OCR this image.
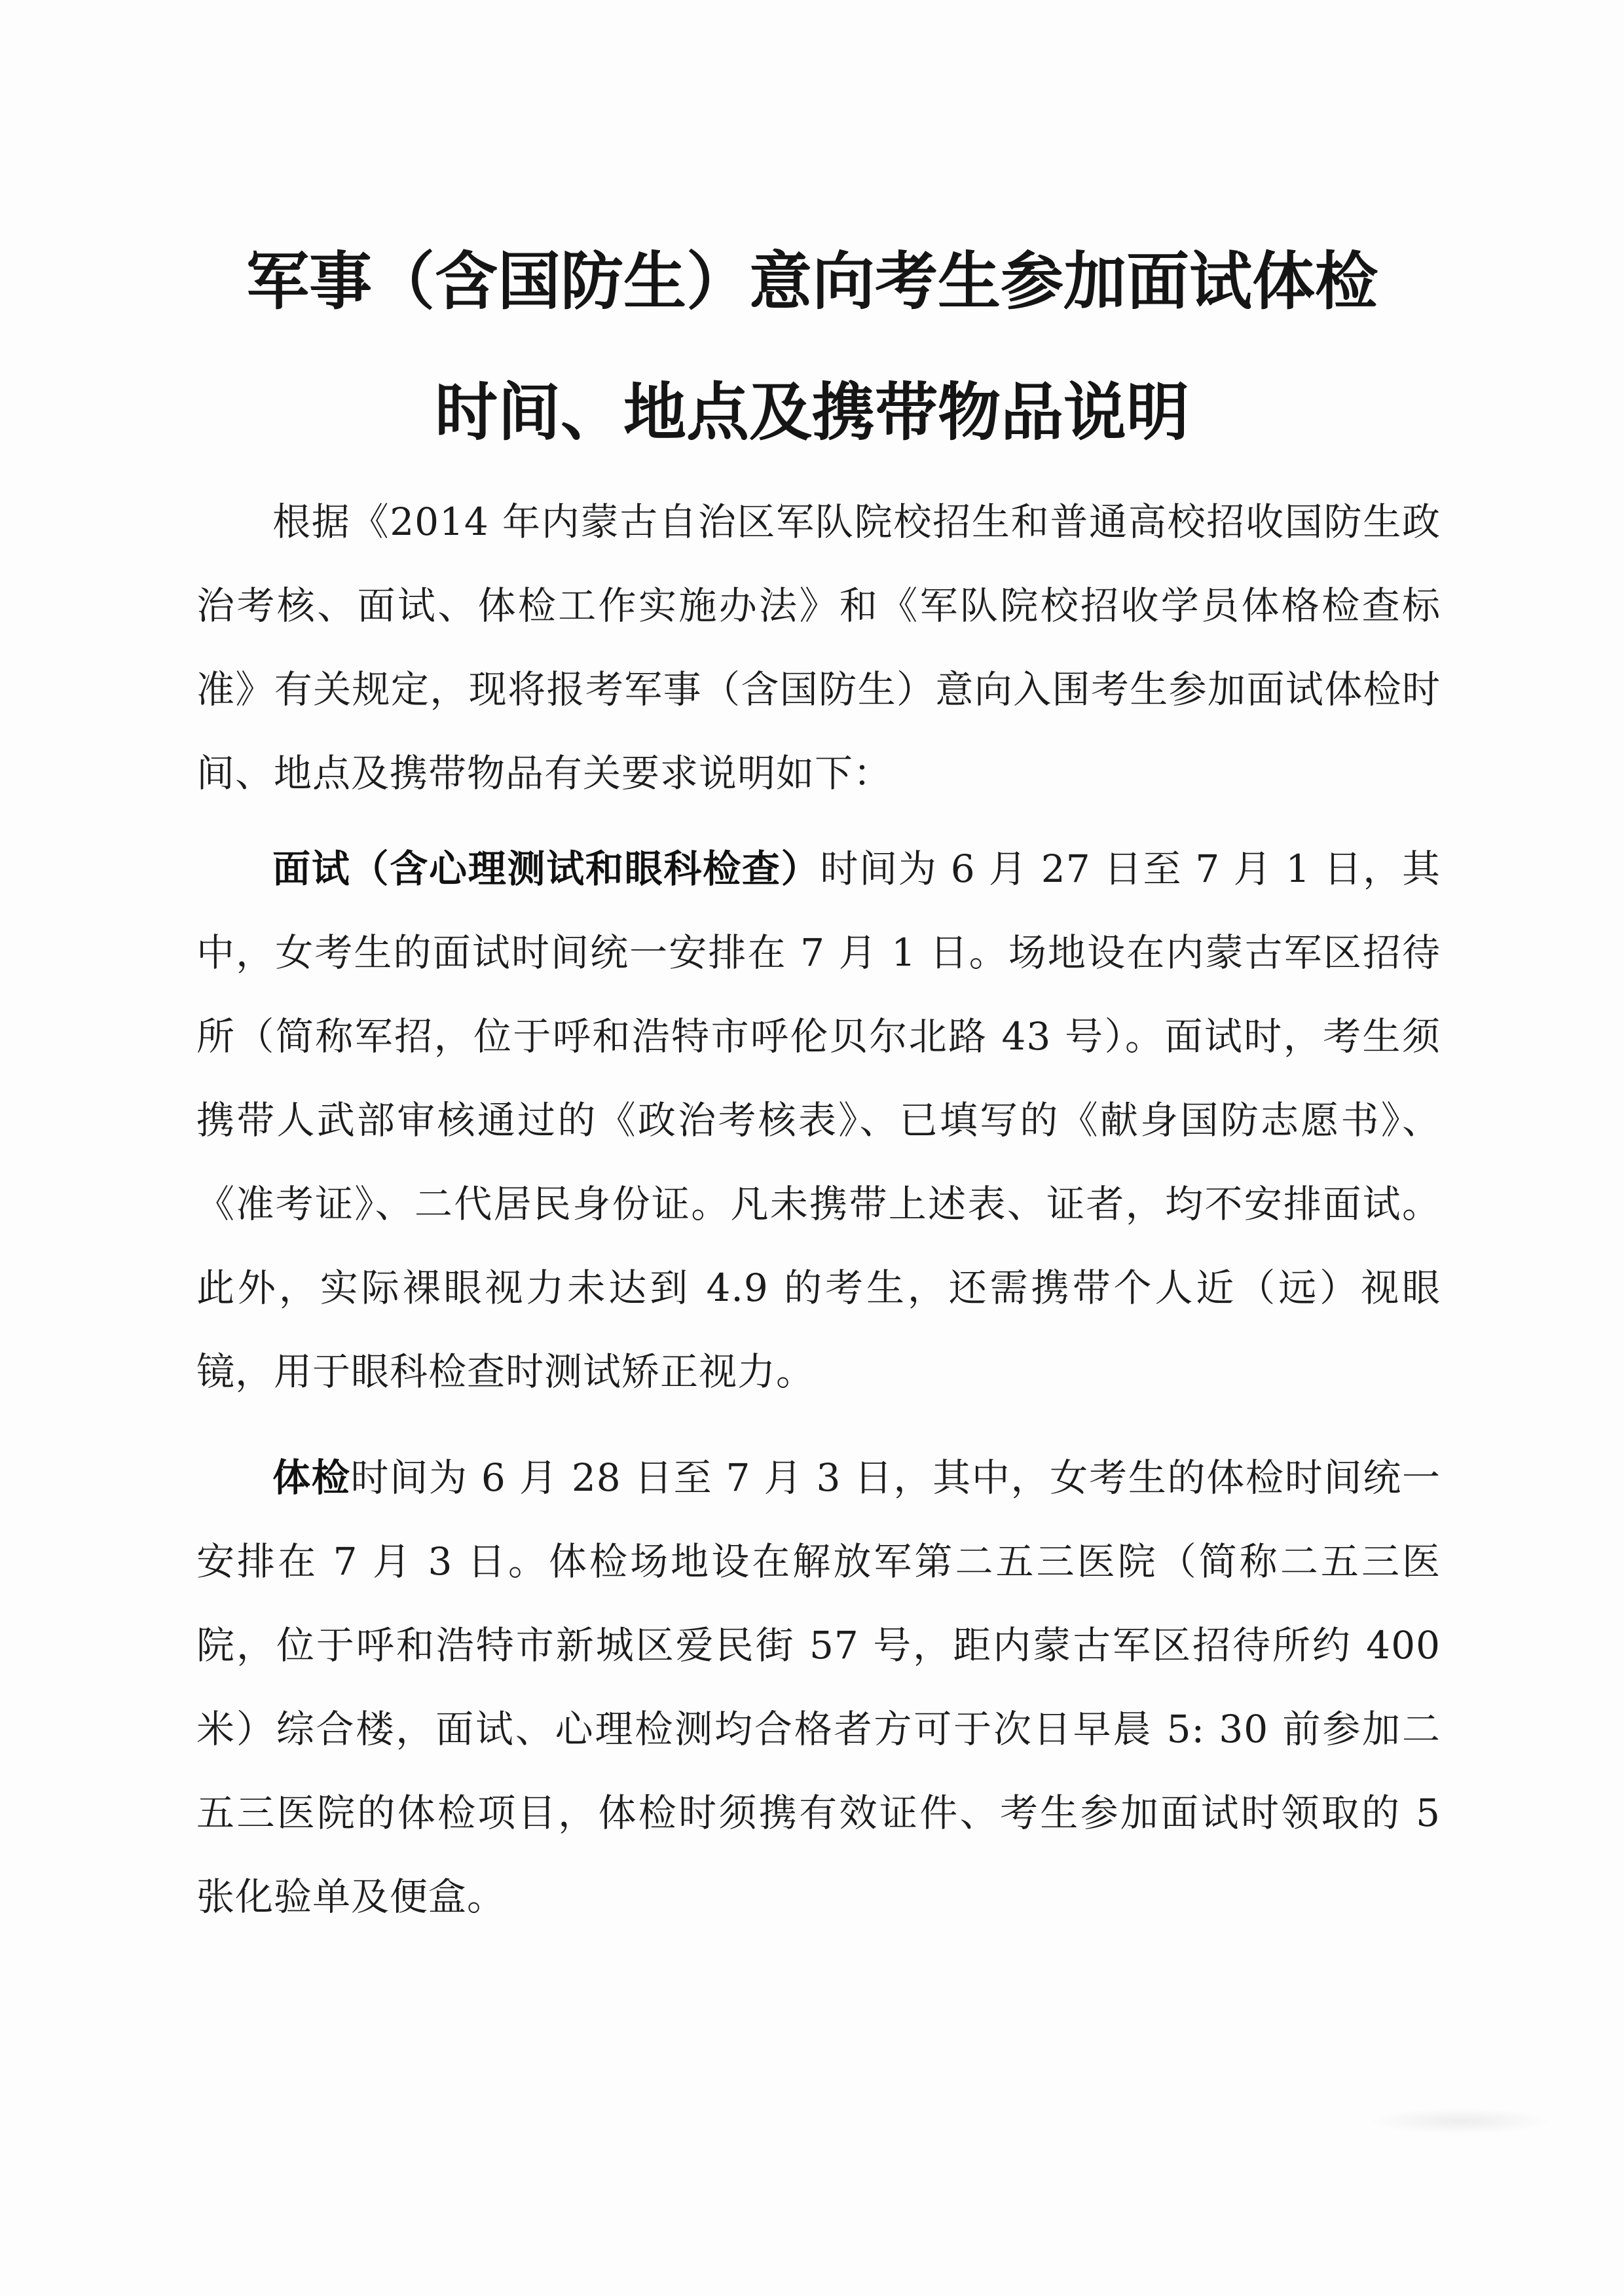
军事（含国防生）意向考生参加面试体检
时间、地点及携带物品说明

根据《2014 年内蒙古自治区军队院校招生和普通高校招收国防生政治考核、面试、体检工作实施办法》和《军队院校招收学员体格检查标准》有关规定，现将报考军事（含国防生）意向入围考生参加面试体检时间、地点及携带物品有关要求说明如下：

面试（含心理测试和眼科检查）时间为 6 月 27 日至 7 月 1 日，其中，女考生的面试时间统一安排在 7 月 1 日。场地设在内蒙古军区招待所（简称军招，位于呼和浩特市呼伦贝尔北路 43 号）。面试时，考生须携带人武部审核通过的《政治考核表》、已填写的《献身国防志愿书》、《准考证》、二代居民身份证。凡未携带上述表、证者，均不安排面试。此外，实际裸眼视力未达到 4.9 的考生，还需携带个人近（远）视眼镜，用于眼科检查时测试矫正视力。

体检时间为 6 月 28 日至 7 月 3 日，其中，女考生的体检时间统一安排在 7 月 3 日。体检场地设在解放军第二五三医院（简称二五三医院，位于呼和浩特市新城区爱民街 57 号，距内蒙古军区招待所约 400 米）综合楼，面试、心理检测均合格者方可于次日早晨 5: 30 前参加二五三医院的体检项目，体检时须携有效证件、考生参加面试时领取的 5 张化验单及便盒。
